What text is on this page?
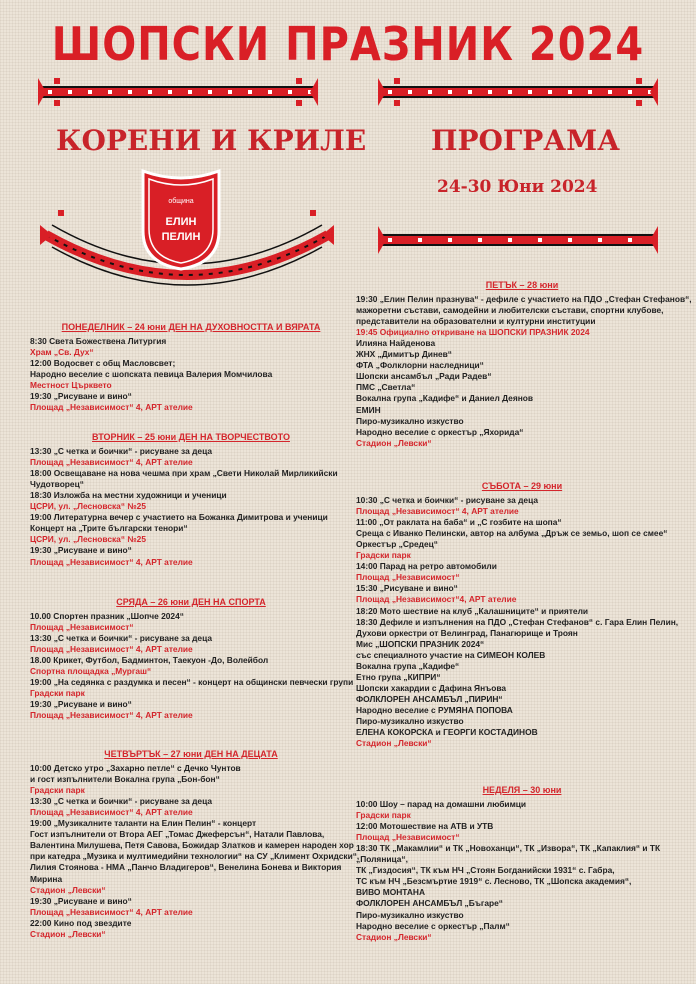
ШОПСКИ ПРАЗНИК 2024
КОРЕНИ И КРИЛЕ ПРОГРАМА
24-30 Юни 2024
община
ЕЛИН
ПЕЛИН
ПОНЕДЕЛНИК – 24 юни ДЕН НА ДУХОВНОСТТА И ВЯРАТА
8:30 Света Божествена Литургия
Храм „Св. Дух“
12:00 Водосвет с общ Масловсвет;
Народно веселие с шопската певица Валерия Момчилова
Местност Църквето
19:30 „Рисуване и вино“
Площад „Независимост“ 4, АРТ ателие
ВТОРНИК – 25 юни ДЕН НА ТВОРЧЕСТВОТО
13:30 „С четка и боички“ - рисуване за деца
Площад „Независимост“ 4, АРТ ателие
18:00 Освещаване на нова чешма при храм „Свети Николай Мирликийски
Чудотворец“
18:30 Изложба на местни художници и ученици
ЦСРИ, ул. „Лесновска“ №25
19:00 Литературна вечер с участието на Божанка Димитрова и ученици
Концерт на „Трите български тенори“
ЦСРИ, ул. „Лесновска“ №25
19:30 „Рисуване и вино“
Площад „Независимост“ 4, АРТ ателие
СРЯДА – 26 юни ДЕН НА СПОРТА
10.00 Спортен празник „Шопче 2024“
Площад „Независимост“
13:30 „С четка и боички“ - рисуване за деца
Площад „Независимост“ 4, АРТ ателие
18.00 Крикет, Футбол, Бадминтон, Таекуон -До, Волейбол
Спортна площадка „Мургаш“
19:00 „На седянка с раздумка и песен“ - концерт на общински певчески групи
Градски парк
19:30 „Рисуване и вино“
Площад „Независимост“ 4, АРТ ателие
ЧЕТВЪРТЪК – 27 юни ДЕН НА ДЕЦАТА
10:00 Детско утро „Захарно петле“ с Дечко Чунтов
и гост изпълнители Вокална група „Бон-бон“
Градски парк
13:30 „С четка и боички“ - рисуване за деца
Площад „Независимост“ 4, АРТ ателие
19:00 „Музикалните таланти на Елин Пелин“ - концерт
Гост изпълнители от Втора АЕГ „Томас Джеферсън“, Натали Павлова,
Валентина Милушева, Петя Савова, Божидар Златков и камерен народен хор
при катедра „Музика и мултимедийни технологии“ на СУ „Климент Охридски“,
Лилия Стоянова - НМА „Панчо Владигеров“, Венелина Бонева и Виктория
Мирина
Стадион „Левски“
19:30 „Рисуване и вино“
Площад „Независимост“ 4, АРТ ателие
22:00 Кино под звездите
Стадион „Левски“
ПЕТЪК – 28 юни
19:30 „Елин Пелин празнува“ - дефиле с участието на ПДО „Стефан Стефанов“,
мажоретни състави, самодейни и любителски състави, спортни клубове,
представители на образователни и културни институции
19:45 Официално откриване на ШОПСКИ ПРАЗНИК 2024
Илияна Найденова
ЖНХ „Димитър Динев“
ФТА „Фолклорни наследници“
Шопски ансамбъл „Ради Радев“
ПМС „Светла“
Вокална група „Кадифе“ и Даниел Деянов
ЕМИН
Пиро-музикално изкуство
Народно веселие с оркестър „Яхорида“
Стадион „Левски“
СЪБОТА – 29 юни
10:30 „С четка и боички“ - рисуване за деца
Площад „Независимост“ 4, АРТ ателие
11:00 „От раклата на баба“ и „С гозбите на шопа“
Среща с Иванко Пелински, автор на албума „Дръж се земьо, шоп се смее“
Оркестър „Средец“
Градски парк
14:00 Парад на ретро автомобили
Площад „Независимост“
15:30 „Рисуване и вино“
Площад „Независимост“4, АРТ ателие
18:20 Мото шествие на клуб „Калашниците“ и приятели
18:30 Дефиле и изпълнения на ПДО „Стефан Стефанов“ с. Гара Елин Пелин,
Духови оркестри от Велинград, Панагюрище и Троян
Мис „ШОПСКИ ПРАЗНИК 2024“
със специалното участие на СИМЕОН КОЛЕВ
Вокална група „Кадифе“
Етно група „КИПРИ“
Шопски хакардии с Дафина Янъова
ФОЛКЛОРЕН АНСАМБЪЛ „ПИРИН“
Народно веселие с РУМЯНА ПОПОВА
Пиро-музикално изкуство
ЕЛЕНА КОКОРСКА и ГЕОРГИ КОСТАДИНОВ
Стадион „Левски“
НЕДЕЛЯ – 30 юни
10:00 Шоу – парад на домашни любимци
Градски парк
12:00 Мотошествие на АТВ и УТВ
Площад „Независимост“
18:30 ТК „Макамлии“ и ТК „Новоханци“, ТК „Извора“, ТК „Капаклия“ и ТК
„Поляница“,
ТК „Гиздосия“, ТК към НЧ „Стоян Богданийски 1931“ с. Габра,
ТС към НЧ „Безсмъртие 1919“ с. Лесново, ТК „Шопска академия“,
ВИВО МОНТАНА
ФОЛКЛОРЕН АНСАМБЪЛ „Бъгаре“
Пиро-музикално изкуство
Народно веселие с оркестър „Палм“
Стадион „Левски“
